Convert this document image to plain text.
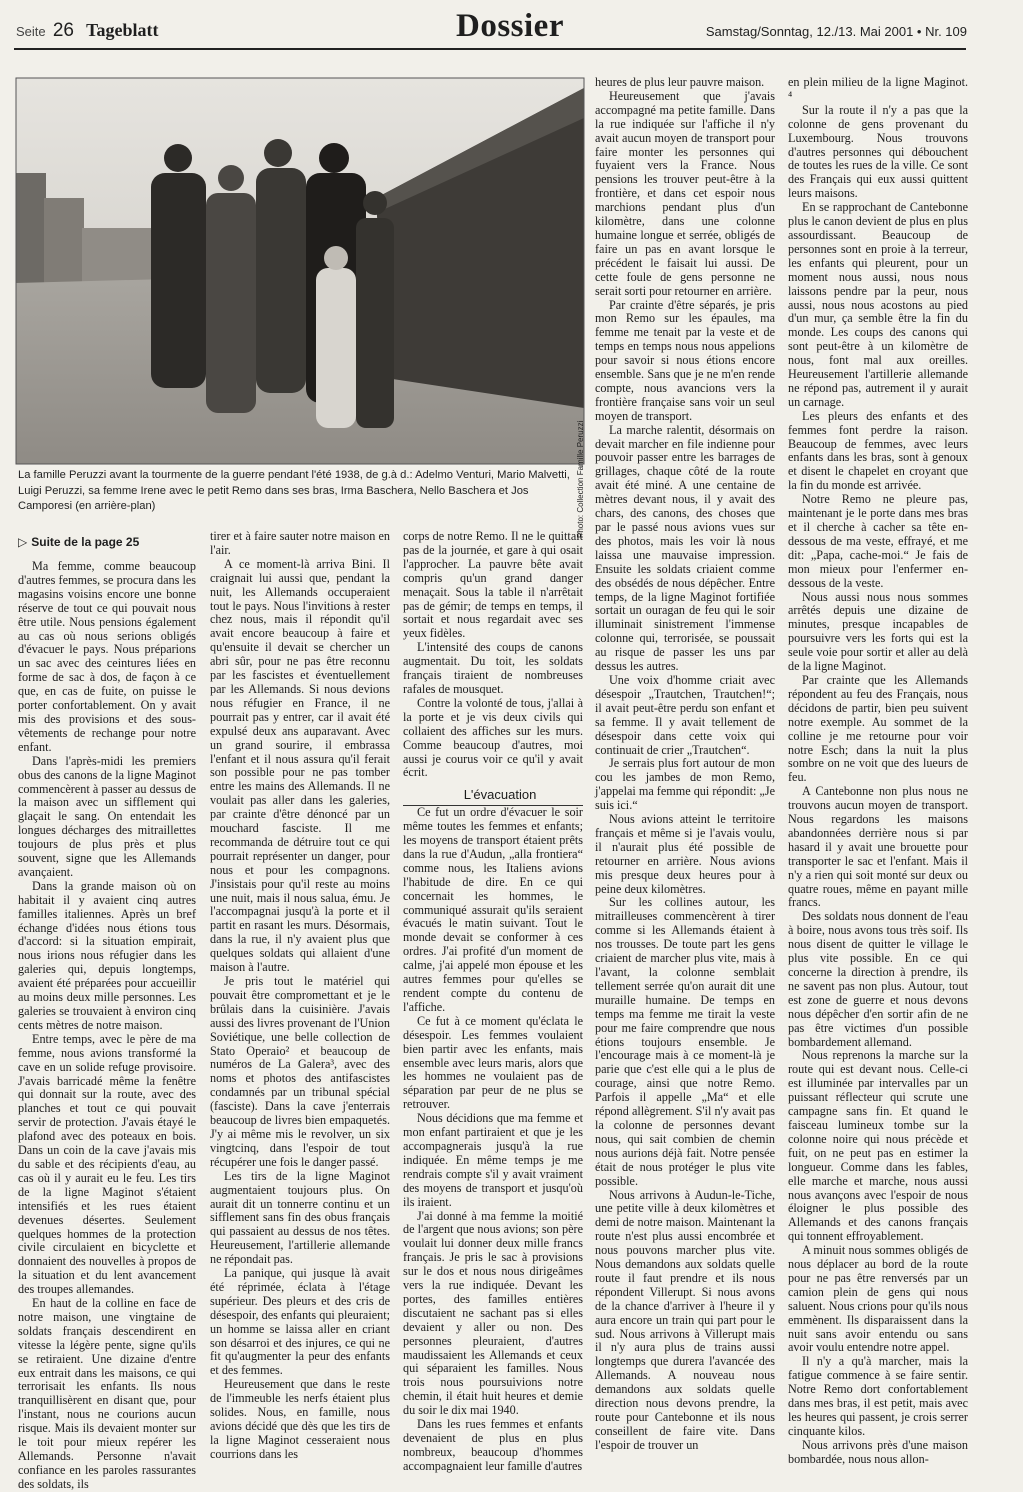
Seite 26 Tageblatt	Dossier	Samstag/Sonntag, 12./13. Mai 2001 • Nr. 109
Photo: Collection Famille Peruzzi
La famille Peruzzi avant la tourmente de la guerre pendant l'été 1938, de g.à d.: Adelmo Venturi, Mario Malvetti, Luigi Peruzzi, sa femme Irene avec le petit Remo dans ses bras, Irma Baschera, Nello Baschera et Jos Camporesi (en arrière-plan)
▷ Suite de la page 25

Ma femme, comme beaucoup d'autres femmes, se procura dans les magasins voisins encore une bonne réserve de tout ce qui pouvait nous être utile. Nous pensions également au cas où nous serions obligés d'évacuer le pays. Nous préparions un sac avec des ceintures liées en forme de sac à dos, de façon à ce que, en cas de fuite, on puisse le porter confortablement. On y avait mis des provisions et des sous-vêtements de rechange pour notre enfant.

Dans l'après-midi les premiers obus des canons de la ligne Maginot commencèrent à passer au dessus de la maison avec un sifflement qui glaçait le sang. On entendait les longues décharges des mitraillettes toujours de plus près et plus souvent, signe que les Allemands avançaient.

Dans la grande maison où on habitait il y avaient cinq autres familles italiennes. Après un bref échange d'idées nous étions tous d'accord: si la situation empirait, nous irions nous réfugier dans les galeries qui, depuis longtemps, avaient été préparées pour accueillir au moins deux mille personnes. Les galeries se trouvaient à environ cinq cents mètres de notre maison.

Entre temps, avec le père de ma femme, nous avions transformé la cave en un solide refuge provisoire. J'avais barricadé même la fenêtre qui donnait sur la route, avec des planches et tout ce qui pouvait servir de protection. J'avais étayé le plafond avec des poteaux en bois. Dans un coin de la cave j'avais mis du sable et des récipients d'eau, au cas où il y aurait eu le feu. Les tirs de la ligne Maginot s'étaient intensifiés et les rues étaient devenues désertes. Seulement quelques hommes de la protection civile circulaient en bicyclette et donnaient des nouvelles à propos de la situation et du lent avancement des troupes allemandes.

En haut de la colline en face de notre maison, une vingtaine de soldats français descendirent en vitesse la légère pente, signe qu'ils se retiraient. Une dizaine d'entre eux entrait dans les maisons, ce qui terrorisait les enfants. Ils nous tranquillisèrent en disant que, pour l'instant, nous ne courions aucun risque. Mais ils devaient monter sur le toit pour mieux repérer les Allemands. Personne n'avait confiance en les paroles rassurantes des soldats, ils

tirer et à faire sauter notre maison en l'air.

A ce moment-là arriva Bini. Il craignait lui aussi que, pendant la nuit, les Allemands occuperaient tout le pays. Nous l'invitions à rester chez nous, mais il répondit qu'il avait encore beaucoup à faire et qu'ensuite il devait se chercher un abri sûr, pour ne pas être reconnu par les fascistes et éventuellement par les Allemands. Si nous devions nous réfugier en France, il ne pourrait pas y entrer, car il avait été expulsé deux ans auparavant. Avec un grand sourire, il embrassa l'enfant et il nous assura qu'il ferait son possible pour ne pas tomber entre les mains des Allemands. Il ne voulait pas aller dans les galeries, par crainte d'être dénoncé par un mouchard fasciste. Il me recommanda de détruire tout ce qui pourrait représenter un danger, pour nous et pour les compagnons. J'insistais pour qu'il reste au moins une nuit, mais il nous salua, ému. Je l'accompagnai jusqu'à la porte et il partit en rasant les murs. Désormais, dans la rue, il n'y avaient plus que quelques soldats qui allaient d'une maison à l'autre.

Je pris tout le matériel qui pouvait être compromettant et je le brûlais dans la cuisinière. J'avais aussi des livres provenant de l'Union Soviétique, une belle collection de Stato Operaio² et beaucoup de numéros de La Galera³, avec des noms et photos des antifascistes condamnés par un tribunal spécial (fasciste). Dans la cave j'enterrais beaucoup de livres bien empaquetés. J'y ai même mis le revolver, un six vingtcinq, dans l'espoir de tout récupérer une fois le danger passé.

Les tirs de la ligne Maginot augmentaient toujours plus. On aurait dit un tonnerre continu et un sifflement sans fin des obus français qui passaient au dessus de nos têtes. Heureusement, l'artillerie allemande ne répondait pas.

La panique, qui jusque là avait été réprimée, éclata à l'étage supérieur. Des pleurs et des cris de désespoir, des enfants qui pleuraient; un homme se laissa aller en criant son désarroi et des injures, ce qui ne fit qu'augmenter la peur des enfants et des femmes.

Heureusement que dans le reste de l'immeuble les nerfs étaient plus solides. Nous, en famille, nous avions décidé que dès que les tirs de la ligne Maginot cesseraient nous courrions dans les

corps de notre Remo. Il ne le quittait pas de la journée, et gare à qui osait l'approcher. La pauvre bête avait compris qu'un grand danger menaçait. Sous la table il n'arrêtait pas de gémir; de temps en temps, il sortait et nous regardait avec ses yeux fidèles.

L'intensité des coups de canons augmentait. Du toit, les soldats français tiraient de nombreuses rafales de mousquet.

Contre la volonté de tous, j'allai à la porte et je vis deux civils qui collaient des affiches sur les murs. Comme beaucoup d'autres, moi aussi je courus voir ce qu'il y avait écrit.

L'évacuation

Ce fut un ordre d'évacuer le soir même toutes les femmes et enfants; les moyens de transport étaient prêts dans la rue d'Audun, „alla frontiera“ comme nous, les Italiens avions l'habitude de dire. En ce qui concernait les hommes, le communiqué assurait qu'ils seraient évacués le matin suivant. Tout le monde devait se conformer à ces ordres. J'ai profité d'un moment de calme, j'ai appelé mon épouse et les autres femmes pour qu'elles se rendent compte du contenu de l'affiche.

Ce fut à ce moment qu'éclata le désespoir. Les femmes voulaient bien partir avec les enfants, mais ensemble avec leurs maris, alors que les hommes ne voulaient pas de séparation par peur de ne plus se retrouver.

Nous décidions que ma femme et mon enfant partiraient et que je les accompagnerais jusqu'à la rue indiquée. En même temps je me rendrais compte s'il y avait vraiment des moyens de transport et jusqu'où ils iraient.

J'ai donné à ma femme la moitié de l'argent que nous avions; son père voulait lui donner deux mille francs français. Je pris le sac à provisions sur le dos et nous nous dirigeâmes vers la rue indiquée. Devant les portes, des familles entières discutaient ne sachant pas si elles devaient y aller ou non. Des personnes pleuraient, d'autres maudissaient les Allemands et ceux qui séparaient les familles. Nous trois nous poursuivions notre chemin, il était huit heures et demie du soir le dix mai 1940.

Dans les rues femmes et enfants devenaient de plus en plus nombreux, beaucoup d'hommes accompagnaient leur famille d'autres

heures de plus leur pauvre maison.

Heureusement que j'avais accompagné ma petite famille. Dans la rue indiquée sur l'affiche il n'y avait aucun moyen de transport pour faire monter les personnes qui fuyaient vers la France. Nous pensions les trouver peut-être à la frontière, et dans cet espoir nous marchions pendant plus d'un kilomètre, dans une colonne humaine longue et serrée, obligés de faire un pas en avant lorsque le précédent le faisait lui aussi. De cette foule de gens personne ne serait sorti pour retourner en arrière.

Par crainte d'être séparés, je pris mon Remo sur les épaules, ma femme me tenait par la veste et de temps en temps nous nous appelions pour savoir si nous étions encore ensemble. Sans que je ne m'en rende compte, nous avancions vers la frontière française sans voir un seul moyen de transport.

La marche ralentit, désormais on devait marcher en file indienne pour pouvoir passer entre les barrages de grillages, chaque côté de la route avait été miné. A une centaine de mètres devant nous, il y avait des chars, des canons, des choses que par le passé nous avions vues sur des photos, mais les voir là nous laissa une mauvaise impression. Ensuite les soldats criaient comme des obsédés de nous dépêcher. Entre temps, de la ligne Maginot fortifiée sortait un ouragan de feu qui le soir illuminait sinistrement l'immense colonne qui, terrorisée, se poussait au risque de passer les uns par dessus les autres.

Une voix d'homme criait avec désespoir „Trautchen, Trautchen!“; il avait peut-être perdu son enfant et sa femme. Il y avait tellement de désespoir dans cette voix qui continuait de crier „Trautchen“.

Je serrais plus fort autour de mon cou les jambes de mon Remo, j'appelai ma femme qui répondit: „Je suis ici.“

Nous avions atteint le territoire français et même si je l'avais voulu, il n'aurait plus été possible de retourner en arrière. Nous avions mis presque deux heures pour à peine deux kilomètres.

Sur les collines autour, les mitrailleuses commencèrent à tirer comme si les Allemands étaient à nos trousses. De toute part les gens criaient de marcher plus vite, mais à l'avant, la colonne semblait tellement serrée qu'on aurait dit une muraille humaine. De temps en temps ma femme me tirait la veste pour me faire comprendre que nous étions toujours ensemble. Je l'encourage mais à ce moment-là je parie que c'est elle qui a le plus de courage, ainsi que notre Remo. Parfois il appelle „Ma“ et elle répond allègrement. S'il n'y avait pas la colonne de personnes devant nous, qui sait combien de chemin nous aurions déjà fait. Notre pensée était de nous protéger le plus vite possible.

Nous arrivons à Audun-le-Tiche, une petite ville à deux kilomètres et demi de notre maison. Maintenant la route n'est plus aussi encombrée et nous pouvons marcher plus vite. Nous demandons aux soldats quelle route il faut prendre et ils nous répondent Villerupt. Si nous avons de la chance d'arriver à l'heure il y aura encore un train qui part pour le sud. Nous arrivons à Villerupt mais il n'y aura plus de trains aussi longtemps que durera l'avancée des Allemands. A nouveau nous demandons aux soldats quelle direction nous devons prendre, la route pour Cantebonne et ils nous conseillent de faire vite. Dans l'espoir de trouver un

en plein milieu de la ligne Maginot. ⁴

Sur la route il n'y a pas que la colonne de gens provenant du Luxembourg. Nous trouvons d'autres personnes qui débouchent de toutes les rues de la ville. Ce sont des Français qui eux aussi quittent leurs maisons.

En se rapprochant de Cantebonne plus le canon devient de plus en plus assourdissant. Beaucoup de personnes sont en proie à la terreur, les enfants qui pleurent, pour un moment nous aussi, nous nous laissons pendre par la peur, nous aussi, nous nous acostons au pied d'un mur, ça semble être la fin du monde. Les coups des canons qui sont peut-être à un kilomètre de nous, font mal aux oreilles. Heureusement l'artillerie allemande ne répond pas, autrement il y aurait un carnage.

Les pleurs des enfants et des femmes font perdre la raison. Beaucoup de femmes, avec leurs enfants dans les bras, sont à genoux et disent le chapelet en croyant que la fin du monde est arrivée.

Notre Remo ne pleure pas, maintenant je le porte dans mes bras et il cherche à cacher sa tête en-dessous de ma veste, effrayé, et me dit: „Papa, cache-moi.“ Je fais de mon mieux pour l'enfermer en-dessous de la veste.

Nous aussi nous nous sommes arrêtés depuis une dizaine de minutes, presque incapables de poursuivre vers les forts qui est la seule voie pour sortir et aller au delà de la ligne Maginot.

Par crainte que les Allemands répondent au feu des Français, nous décidons de partir, bien peu suivent notre exemple. Au sommet de la colline je me retourne pour voir notre Esch; dans la nuit la plus sombre on ne voit que des lueurs de feu.

A Cantebonne non plus nous ne trouvons aucun moyen de transport. Nous regardons les maisons abandonnées derrière nous si par hasard il y avait une brouette pour transporter le sac et l'enfant. Mais il n'y a rien qui soit monté sur deux ou quatre roues, même en payant mille francs.

Des soldats nous donnent de l'eau à boire, nous avons tous très soif. Ils nous disent de quitter le village le plus vite possible. En ce qui concerne la direction à prendre, ils ne savent pas non plus. Autour, tout est zone de guerre et nous devons nous dépêcher d'en sortir afin de ne pas être victimes d'un possible bombardement allemand.

Nous reprenons la marche sur la route qui est devant nous. Celle-ci est illuminée par intervalles par un puissant réflecteur qui scrute une campagne sans fin. Et quand le faisceau lumineux tombe sur la colonne noire qui nous précède et fuit, on ne peut pas en estimer la longueur. Comme dans les fables, elle marche et marche, nous aussi nous avançons avec l'espoir de nous éloigner le plus possible des Allemands et des canons français qui tonnent effroyablement.

A minuit nous sommes obligés de nous déplacer au bord de la route pour ne pas être renversés par un camion plein de gens qui nous saluent. Nous crions pour qu'ils nous emmènent. Ils disparaissent dans la nuit sans avoir entendu ou sans avoir voulu entendre notre appel.

Il n'y a qu'à marcher, mais la fatigue commence à se faire sentir. Notre Remo dort confortablement dans mes bras, il est petit, mais avec les heures qui passent, je crois serrer cinquante kilos.

Nous arrivons près d'une maison bombardée, nous nous allon-
